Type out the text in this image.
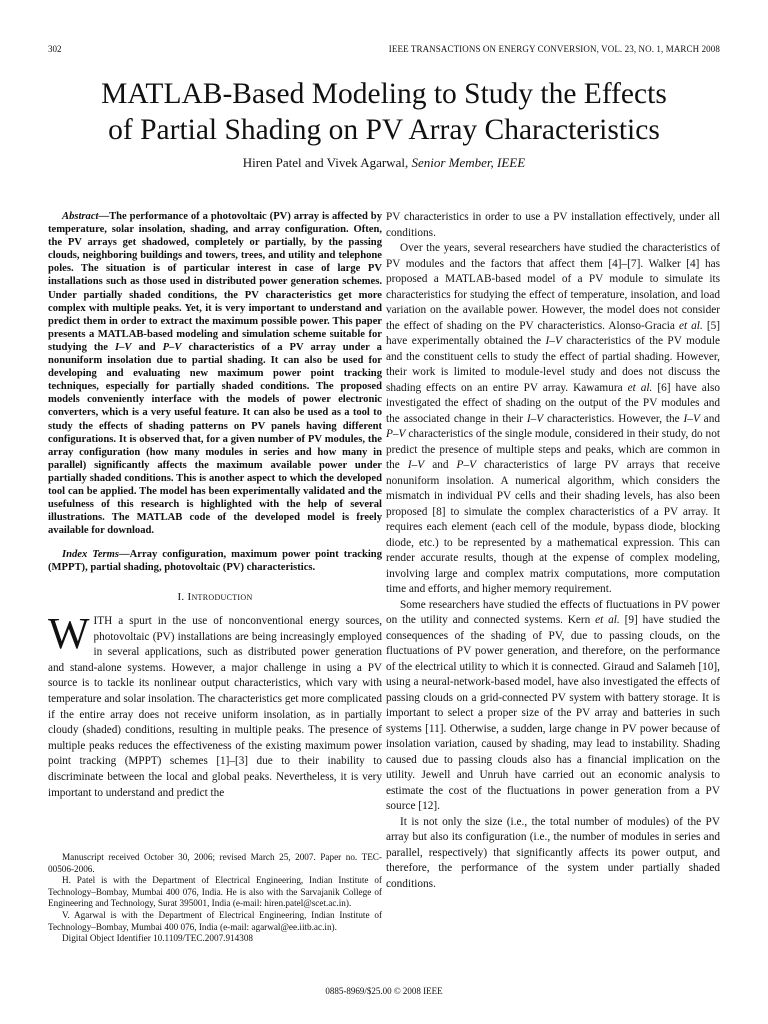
302	IEEE TRANSACTIONS ON ENERGY CONVERSION, VOL. 23, NO. 1, MARCH 2008
MATLAB-Based Modeling to Study the Effects
of Partial Shading on PV Array Characteristics
Hiren Patel and Vivek Agarwal, Senior Member, IEEE

Abstract—The performance of a photovoltaic (PV) array is affected by temperature, solar insolation, shading, and array configuration. Often, the PV arrays get shadowed, completely or partially, by the passing clouds, neighboring buildings and towers, trees, and utility and telephone poles. The situation is of particular interest in case of large PV installations such as those used in distributed power generation schemes. Under partially shaded conditions, the PV characteristics get more complex with multiple peaks. Yet, it is very important to understand and predict them in order to extract the maximum possible power. This paper presents a MATLAB-based modeling and simulation scheme suitable for studying the I–V and P–V characteristics of a PV array under a nonuniform insolation due to partial shading. It can also be used for developing and evaluating new maximum power point tracking techniques, especially for partially shaded conditions. The proposed models conveniently interface with the models of power electronic converters, which is a very useful feature. It can also be used as a tool to study the effects of shading patterns on PV panels having different configurations. It is observed that, for a given number of PV modules, the array configuration (how many modules in series and how many in parallel) significantly affects the maximum available power under partially shaded conditions. This is another aspect to which the developed tool can be applied. The model has been experimentally validated and the usefulness of this research is highlighted with the help of several illustrations. The MATLAB code of the developed model is freely available for download.

Index Terms—Array configuration, maximum power point tracking (MPPT), partial shading, photovoltaic (PV) characteristics.

I. Introduction

WITH a spurt in the use of nonconventional energy sources, photovoltaic (PV) installations are being increasingly employed in several applications, such as distributed power generation and stand-alone systems. However, a major challenge in using a PV source is to tackle its nonlinear output characteristics, which vary with temperature and solar insolation. The characteristics get more complicated if the entire array does not receive uniform insolation, as in partially cloudy (shaded) conditions, resulting in multiple peaks. The presence of multiple peaks reduces the effectiveness of the existing maximum power point tracking (MPPT) schemes [1]–[3] due to their inability to discriminate between the local and global peaks. Nevertheless, it is very important to understand and predict the

Manuscript received October 30, 2006; revised March 25, 2007. Paper no. TEC-00506-2006.

H. Patel is with the Department of Electrical Engineering, Indian Institute of Technology–Bombay, Mumbai 400 076, India. He is also with the Sarvajanik College of Engineering and Technology, Surat 395001, India (e-mail: hiren.patel@scet.ac.in).

V. Agarwal is with the Department of Electrical Engineering, Indian Institute of Technology–Bombay, Mumbai 400 076, India (e-mail: agarwal@ee.iitb.ac.in).

Digital Object Identifier 10.1109/TEC.2007.914308

PV characteristics in order to use a PV installation effectively, under all conditions.

Over the years, several researchers have studied the characteristics of PV modules and the factors that affect them [4]–[7]. Walker [4] has proposed a MATLAB-based model of a PV module to simulate its characteristics for studying the effect of temperature, insolation, and load variation on the available power. However, the model does not consider the effect of shading on the PV characteristics. Alonso-Gracia et al. [5] have experimentally obtained the I–V characteristics of the PV module and the constituent cells to study the effect of partial shading. However, their work is limited to module-level study and does not discuss the shading effects on an entire PV array. Kawamura et al. [6] have also investigated the effect of shading on the output of the PV modules and the associated change in their I–V characteristics. However, the I–V and P–V characteristics of the single module, considered in their study, do not predict the presence of multiple steps and peaks, which are common in the I–V and P–V characteristics of large PV arrays that receive nonuniform insolation. A numerical algorithm, which considers the mismatch in individual PV cells and their shading levels, has also been proposed [8] to simulate the complex characteristics of a PV array. It requires each element (each cell of the module, bypass diode, blocking diode, etc.) to be represented by a mathematical expression. This can render accurate results, though at the expense of complex modeling, involving large and complex matrix computations, more computation time and efforts, and higher memory requirement.

Some researchers have studied the effects of fluctuations in PV power on the utility and connected systems. Kern et al. [9] have studied the consequences of the shading of PV, due to passing clouds, on the fluctuations of PV power generation, and therefore, on the performance of the electrical utility to which it is connected. Giraud and Salameh [10], using a neural-network-based model, have also investigated the effects of passing clouds on a grid-connected PV system with battery storage. It is important to select a proper size of the PV array and batteries in such systems [11]. Otherwise, a sudden, large change in PV power because of insolation variation, caused by shading, may lead to instability. Shading caused due to passing clouds also has a financial implication on the utility. Jewell and Unruh have carried out an economic analysis to estimate the cost of the fluctuations in power generation from a PV source [12].

It is not only the size (i.e., the total number of modules) of the PV array but also its configuration (i.e., the number of modules in series and parallel, respectively) that significantly affects its power output, and therefore, the performance of the system under partially shaded conditions.

0885-8969/$25.00 © 2008 IEEE
